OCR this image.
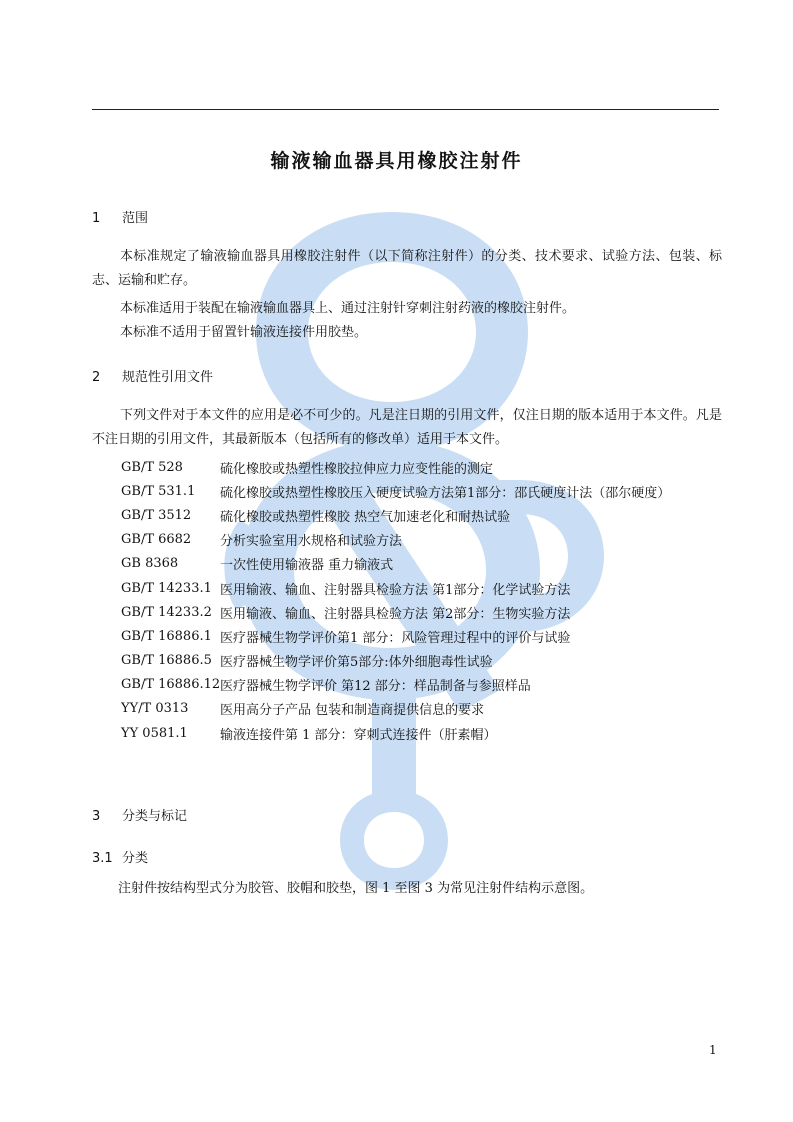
输液输血器具用橡胶注射件
1 范围
本标准规定了输液输血器具用橡胶注射件（以下简称注射件）的分类、技术要求、试验方法、包装、标志、运输和贮存。
本标准适用于装配在输液输血器具上、通过注射针穿刺注射药液的橡胶注射件。
本标准不适用于留置针输液连接件用胶垫。
2 规范性引用文件
下列文件对于本文件的应用是必不可少的。凡是注日期的引用文件，仅注日期的版本适用于本文件。凡是不注日期的引用文件，其最新版本（包括所有的修改单）适用于本文件。
GB/T 528	硫化橡胶或热塑性橡胶拉伸应力应变性能的测定
GB/T 531.1	硫化橡胶或热塑性橡胶压入硬度试验方法第1部分：邵氏硬度计法（邵尔硬度）
GB/T 3512	硫化橡胶或热塑性橡胶 热空气加速老化和耐热试验
GB/T 6682	分析实验室用水规格和试验方法
GB 8368	一次性使用输液器 重力输液式
GB/T 14233.1 医用输液、输血、注射器具检验方法 第1部分：化学试验方法
GB/T 14233.2 医用输液、输血、注射器具检验方法 第2部分：生物实验方法
GB/T 16886.1 医疗器械生物学评价第1 部分：风险管理过程中的评价与试验
GB/T 16886.5 医疗器械生物学评价第5部分:体外细胞毒性试验
GB/T 16886.12 医疗器械生物学评价 第12 部分：样品制备与参照样品
YY/T 0313	医用高分子产品 包装和制造商提供信息的要求
YY 0581.1	输液连接件第 1 部分：穿刺式连接件（肝素帽）
3 分类与标记
3.1 分类
注射件按结构型式分为胶管、胶帽和胶垫，图 1 至图 3 为常见注射件结构示意图。
1
